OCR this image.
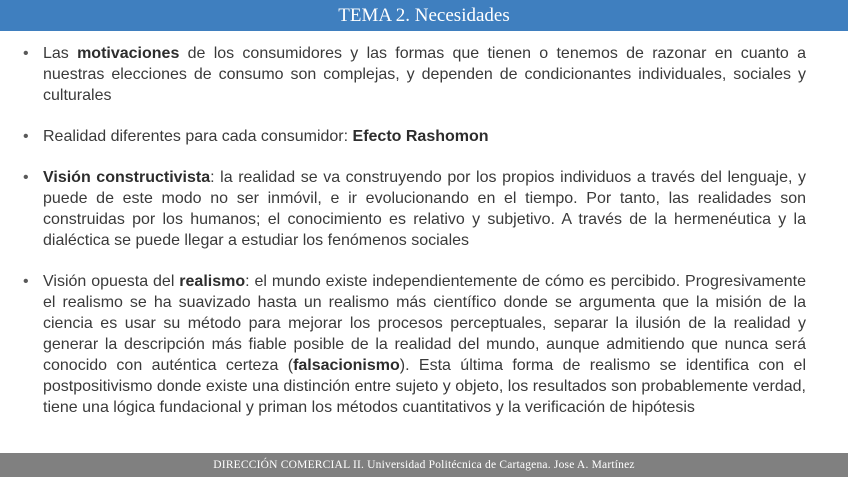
TEMA 2. Necesidades
• Las motivaciones de los consumidores y las formas que tienen o tenemos de razonar en cuanto a nuestras elecciones de consumo son complejas, y dependen de condicionantes individuales, sociales y culturales
• Realidad diferentes para cada consumidor: Efecto Rashomon
• Visión constructivista: la realidad se va construyendo por los propios individuos a través del lenguaje, y puede de este modo no ser inmóvil, e ir evolucionando en el tiempo. Por tanto, las realidades son construidas por los humanos; el conocimiento es relativo y subjetivo. A través de la hermenéutica y la dialéctica se puede llegar a estudiar los fenómenos sociales
• Visión opuesta del realismo: el mundo existe independientemente de cómo es percibido. Progresivamente el realismo se ha suavizado hasta un realismo más científico donde se argumenta que la misión de la ciencia es usar su método para mejorar los procesos perceptuales, separar la ilusión de la realidad y generar la descripción más fiable posible de la realidad del mundo, aunque admitiendo que nunca será conocido con auténtica certeza (falsacionismo). Esta última forma de realismo se identifica con el postpositivismo donde existe una distinción entre sujeto y objeto, los resultados son probablemente verdad, tiene una lógica fundacional y priman los métodos cuantitativos y la verificación de hipótesis
DIRECCIÓN COMERCIAL II. Universidad Politécnica de Cartagena. Jose A. Martínez
